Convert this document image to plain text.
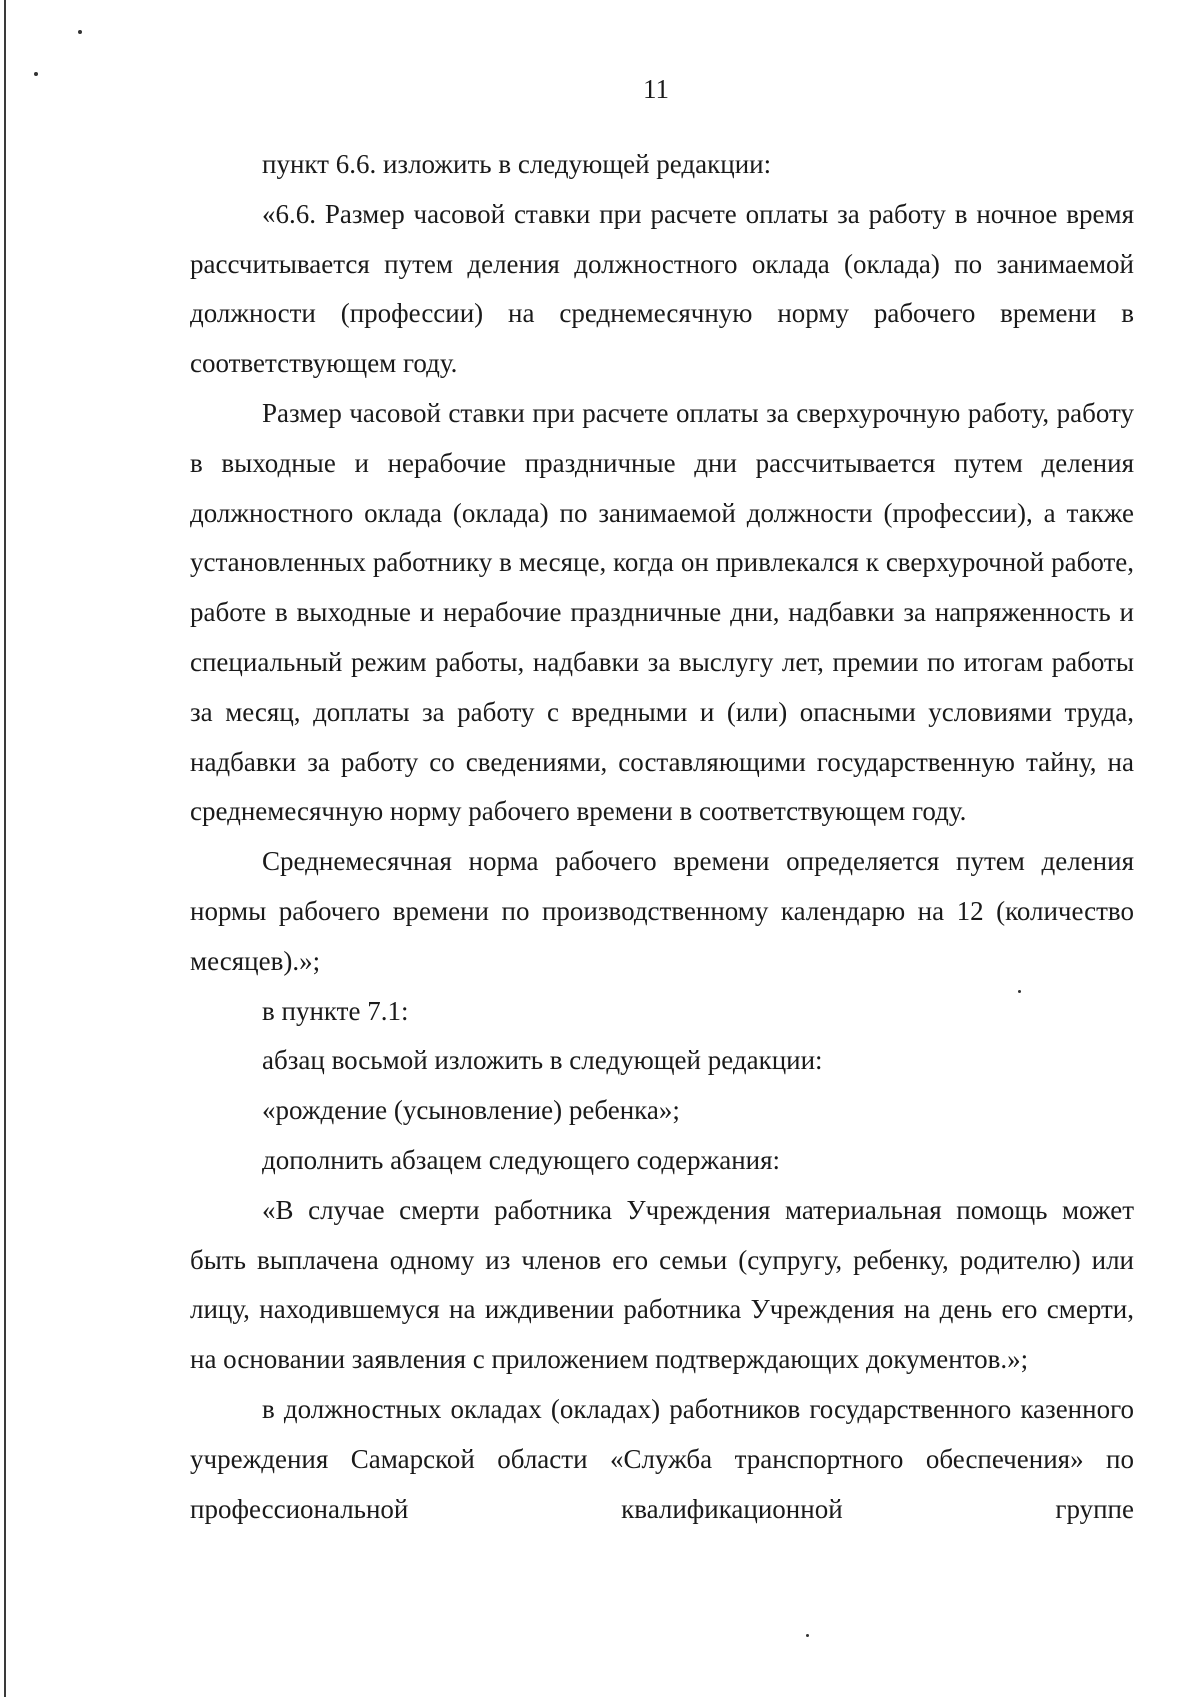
11

пункт 6.6. изложить в следующей редакции:

«6.6. Размер часовой ставки при расчете оплаты за работу в ночное время рассчитывается путем деления должностного оклада (оклада) по занимаемой должности (профессии) на среднемесячную норму рабочего времени в соответствующем году.

Размер часовой ставки при расчете оплаты за сверхурочную работу, работу в выходные и нерабочие праздничные дни рассчитывается путем деления должностного оклада (оклада) по занимаемой должности (профессии), а также установленных работнику в месяце, когда он привлекался к сверхурочной работе, работе в выходные и нерабочие праздничные дни, надбавки за напряженность и специальный режим работы, надбавки за выслугу лет, премии по итогам работы за месяц, доплаты за работу с вредными и (или) опасными условиями труда, надбавки за работу со сведениями, составляющими государственную тайну, на среднемесячную норму рабочего времени в соответствующем году.

Среднемесячная норма рабочего времени определяется путем деления нормы рабочего времени по производственному календарю на 12 (количество месяцев).»;

в пункте 7.1:

абзац восьмой изложить в следующей редакции:

«рождение (усыновление) ребенка»;

дополнить абзацем следующего содержания:

«В случае смерти работника Учреждения материальная помощь может быть выплачена одному из членов его семьи (супругу, ребенку, родителю) или лицу, находившемуся на иждивении работника Учреждения на день его смерти, на основании заявления с приложением подтверждающих документов.»;

в должностных окладах (окладах) работников государственного казенного учреждения Самарской области «Служба транспортного обеспечения» по профессиональной квалификационной группе
